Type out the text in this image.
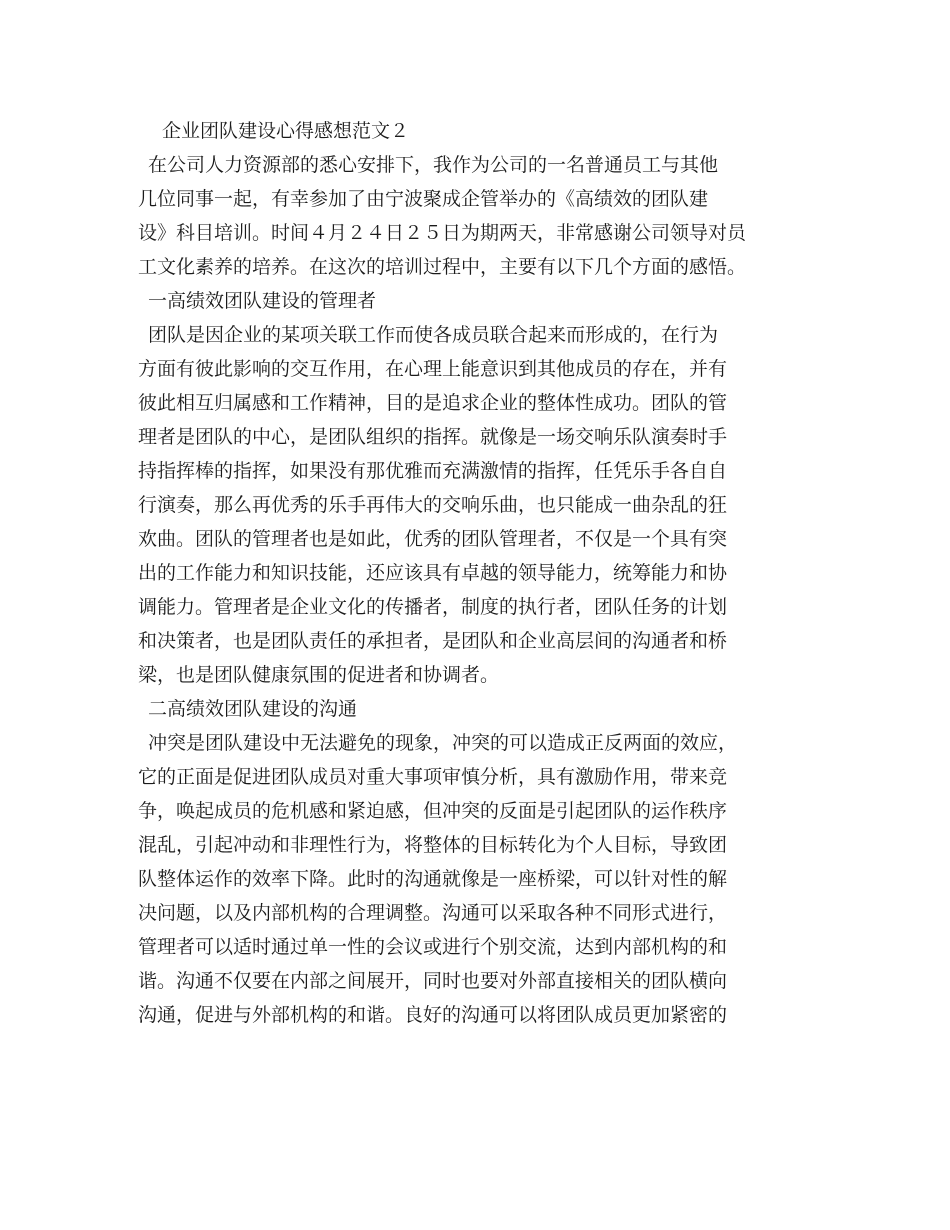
企业团队建设心得感想范文２
在公司人力资源部的悉心安排下，我作为公司的一名普通员工与其他
几位同事一起，有幸参加了由宁波聚成企管举办的《高绩效的团队建
设》科目培训。时间４月２４日２５日为期两天，非常感谢公司领导对员
工文化素养的培养。在这次的培训过程中，主要有以下几个方面的感悟。
一高绩效团队建设的管理者
团队是因企业的某项关联工作而使各成员联合起来而形成的，在行为
方面有彼此影响的交互作用，在心理上能意识到其他成员的存在，并有
彼此相互归属感和工作精神，目的是追求企业的整体性成功。团队的管
理者是团队的中心，是团队组织的指挥。就像是一场交响乐队演奏时手
持指挥棒的指挥，如果没有那优雅而充满激情的指挥，任凭乐手各自自
行演奏，那么再优秀的乐手再伟大的交响乐曲，也只能成一曲杂乱的狂
欢曲。团队的管理者也是如此，优秀的团队管理者，不仅是一个具有突
出的工作能力和知识技能，还应该具有卓越的领导能力，统筹能力和协
调能力。管理者是企业文化的传播者，制度的执行者，团队任务的计划
和决策者，也是团队责任的承担者，是团队和企业高层间的沟通者和桥
梁，也是团队健康氛围的促进者和协调者。
二高绩效团队建设的沟通
冲突是团队建设中无法避免的现象，冲突的可以造成正反两面的效应，
它的正面是促进团队成员对重大事项审慎分析，具有激励作用，带来竞
争，唤起成员的危机感和紧迫感，但冲突的反面是引起团队的运作秩序
混乱，引起冲动和非理性行为，将整体的目标转化为个人目标，导致团
队整体运作的效率下降。此时的沟通就像是一座桥梁，可以针对性的解
决问题，以及内部机构的合理调整。沟通可以采取各种不同形式进行，
管理者可以适时通过单一性的会议或进行个别交流，达到内部机构的和
谐。沟通不仅要在内部之间展开，同时也要对外部直接相关的团队横向
沟通，促进与外部机构的和谐。良好的沟通可以将团队成员更加紧密的
